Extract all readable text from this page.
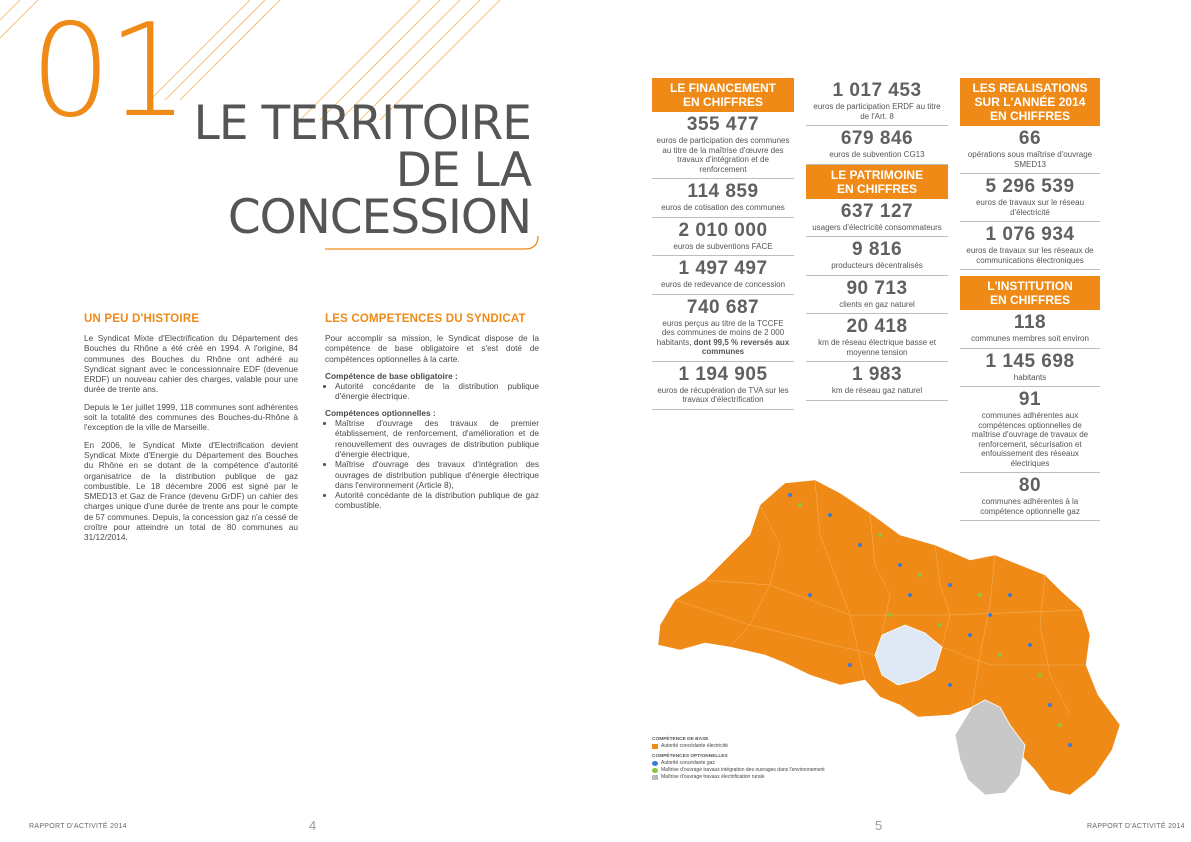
01 LE TERRITOIRE
DE LA
CONCESSION
UN PEU D'HISTOIRE

Le Syndicat Mixte d'Electrification du Département des Bouches du Rhône a été créé en 1994. A l'origine, 84 communes des Bouches du Rhône ont adhéré au Syndicat signant avec le concessionnaire EDF (devenue ERDF) un nouveau cahier des charges, valable pour une durée de trente ans.

Depuis le 1er juillet 1999, 118 communes sont adhérentes soit la totalité des communes des Bouches-du-Rhône à l'exception de la ville de Marseille.

En 2006, le Syndicat Mixte d'Electrification devient Syndicat Mixte d'Energie du Département des Bouches du Rhône en se dotant de la compétence d'autorité organisatrice de la distribution publique de gaz combustible. Le 18 décembre 2006 est signé par le SMED13 et Gaz de France (devenu GrDF) un cahier des charges unique d'une durée de trente ans pour le compte de 57 communes. Depuis, la concession gaz n'a cessé de croître pour atteindre un total de 80 communes au 31/12/2014.

LES COMPETENCES DU SYNDICAT

Pour accomplir sa mission, le Syndicat dispose de la compétence de base obligatoire et s'est doté de compétences optionnelles à la carte.

Compétence de base obligatoire :
• Autorité concédante de la distribution publique d'énergie électrique.
Compétences optionnelles :
• Maîtrise d'ouvrage des travaux de premier établissement, de renforcement, d'amélioration et de renouvellement des ouvrages de distribution publique d'énergie électrique,
• Maîtrise d'ouvrage des travaux d'intégration des ouvrages de distribution publique d'énergie électrique dans l'environnement (Article 8),
• Autorité concédante de la distribution publique de gaz combustible.
LE FINANCEMENT
EN CHIFFRES
355 477
euros de participation des communes au titre de la maîtrise d'œuvre des travaux d'intégration et de renforcement
114 859
euros de cotisation des communes
2 010 000
euros de subventions FACE
1 497 497
euros de redevance de concession
740 687
euros perçus au titre de la TCCFE des communes de moins de 2 000 habitants, dont 99,5 % reversés aux communes
1 194 905
euros de récupération de TVA sur les travaux d'électrification
1 017 453
euros de participation ERDF au titre de l'Art. 8
679 846
euros de subvention CG13
LE PATRIMOINE
EN CHIFFRES
637 127
usagers d'électricité consommateurs
9 816
producteurs décentralisés
90 713
clients en gaz naturel
20 418
km de réseau électrique basse et moyenne tension
1 983
km de réseau gaz naturel
LES REALISATIONS
SUR L'ANNÉE 2014
EN CHIFFRES
66
opérations sous maîtrise d'ouvrage SMED13
5 296 539
euros de travaux sur le réseau d'électricité
1 076 934
euros de travaux sur les réseaux de communications électroniques
L'INSTITUTION
EN CHIFFRES
118
communes membres soit environ
1 145 698
habitants
91
communes adhérentes aux compétences optionnelles de maîtrise d'ouvrage de travaux de renforcement, sécurisation et enfouissement des réseaux électriques
80
communes adhérentes à la compétence optionnelle gaz
COMPÉTENCE DE BASE
Autorité concédante électricité
COMPÉTENCES OPTIONNELLES
Autorité concédante gaz
Maîtrise d'ouvrage travaux intégration des ouvrages dans l'environnement
Maîtrise d'ouvrage travaux électrification rurale
RAPPORT D'ACTIVITÉ 2014	4	5	RAPPORT D'ACTIVITÉ 2014
